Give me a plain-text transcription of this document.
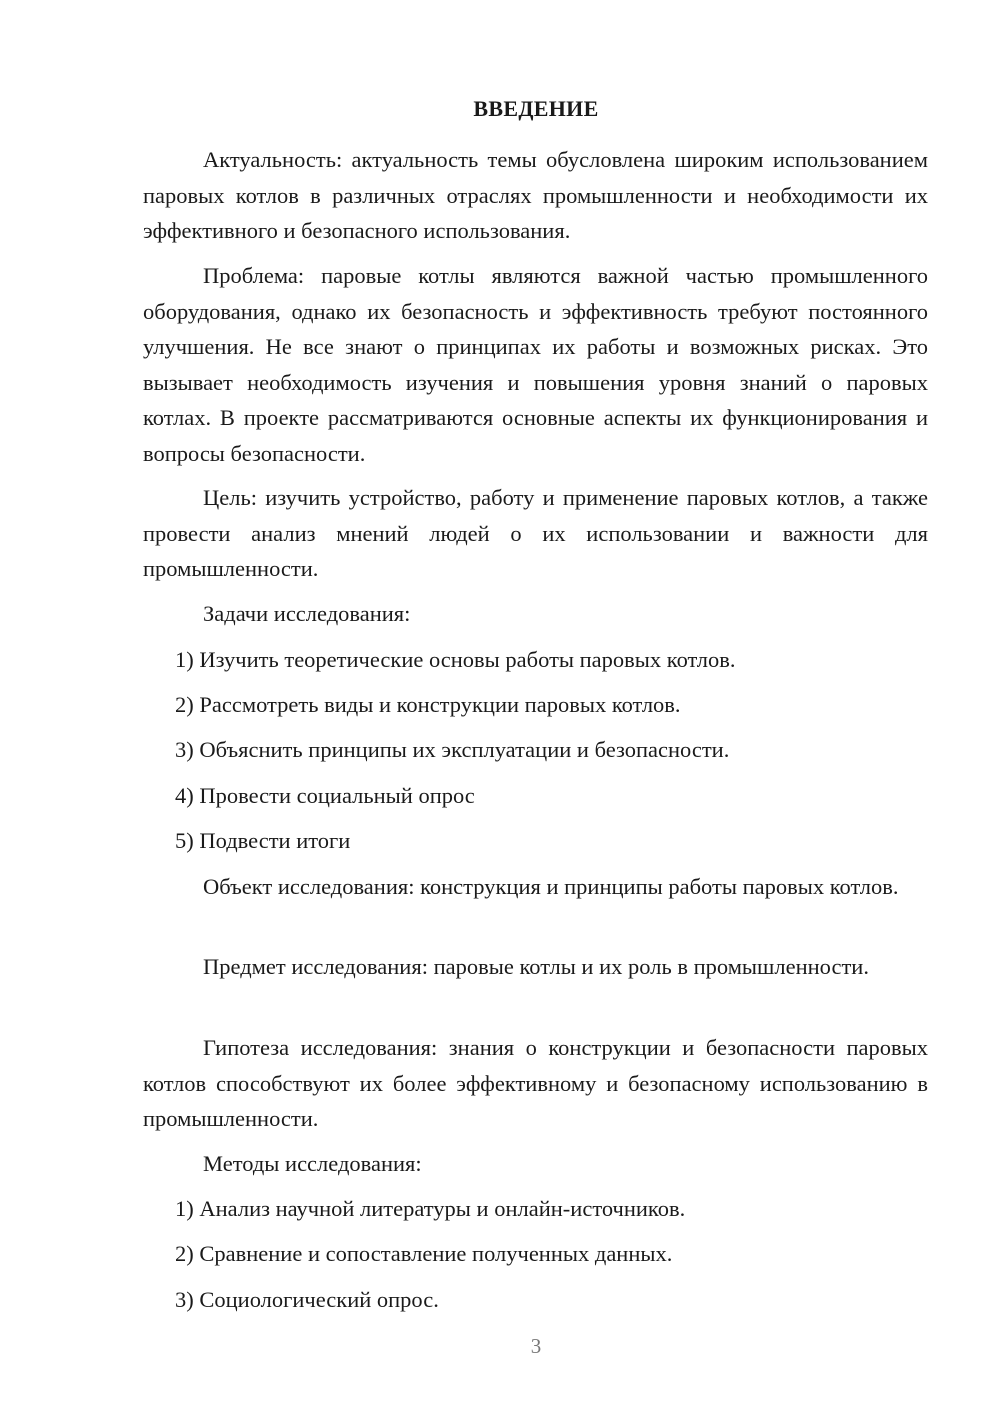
ВВЕДЕНИЕ

Актуальность: актуальность темы обусловлена широким использованием паровых котлов в различных отраслях промышленности и необходимости их эффективного и безопасного использования.

Проблема: паровые котлы являются важной частью промышленного оборудования, однако их безопасность и эффективность требуют постоянного улучшения. Не все знают о принципах их работы и возможных рисках. Это вызывает необходимость изучения и повышения уровня знаний о паровых котлах. В проекте рассматриваются основные аспекты их функционирования и вопросы безопасности.

Цель: изучить устройство, работу и применение паровых котлов, а также провести анализ мнений людей о их использовании и важности для промышленности.

Задачи исследования:

1) Изучить теоретические основы работы паровых котлов.

2) Рассмотреть виды и конструкции паровых котлов.

3) Объяснить принципы их эксплуатации и безопасности.

4) Провести социальный опрос

5) Подвести итоги

Объект исследования: конструкция и принципы работы паровых котлов.

Предмет исследования: паровые котлы и их роль в промышленности.

Гипотеза исследования: знания о конструкции и безопасности паровых котлов способствуют их более эффективному и безопасному использованию в промышленности.

Методы исследования:

1) Анализ научной литературы и онлайн-источников.

2) Сравнение и сопоставление полученных данных.

3) Социологический опрос.

3
